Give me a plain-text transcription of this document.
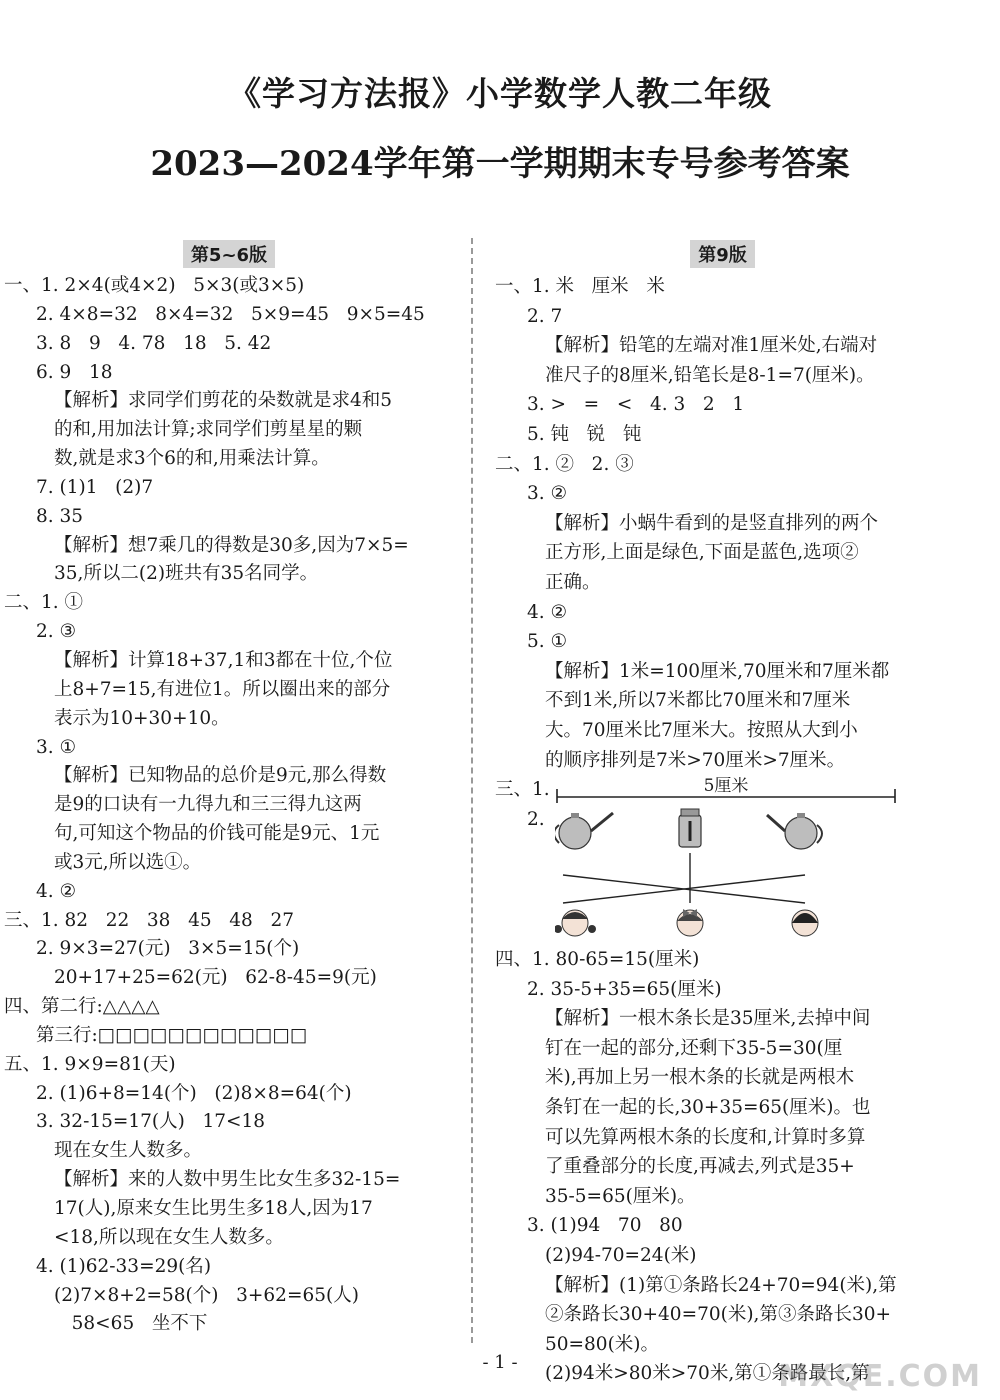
《学习方法报》小学数学人教二年级
2023—2024学年第一学期期末专号参考答案
第5~6版
一、1. 2×4(或4×2)   5×3(或3×5)
2. 4×8=32   8×4=32   5×9=45   9×5=45
3. 8   9   4. 78   18   5. 42
6. 9   18
【解析】求同学们剪花的朵数就是求4和5
的和,用加法计算;求同学们剪星星的颗
数,就是求3个6的和,用乘法计算。
7. (1)1   (2)7
8. 35
【解析】想7乘几的得数是30多,因为7×5=
35,所以二(2)班共有35名同学。
二、1. ①
2. ③
【解析】计算18+37,1和3都在十位,个位
上8+7=15,有进位1。所以圈出来的部分
表示为10+30+10。
3. ①
【解析】已知物品的总价是9元,那么得数
是9的口诀有一九得九和三三得九这两
句,可知这个物品的价钱可能是9元、1元
或3元,所以选①。
4. ②
三、1. 82   22   38   45   48   27
2. 9×3=27(元)   3×5=15(个)
20+17+25=62(元)   62-8-45=9(元)
四、第二行:△△△△
第三行:□□□□□□□□□□□□
五、1. 9×9=81(天)
2. (1)6+8=14(个)   (2)8×8=64(个)
3. 32-15=17(人)   17<18
现在女生人数多。
【解析】来的人数中男生比女生多32-15=
17(人),原来女生比男生多18人,因为17
<18,所以现在女生人数多。
4. (1)62-33=29(名)
(2)7×8+2=58(个)   3+62=65(人)
58<65   坐不下
第9版
一、1. 米   厘米   米
2. 7
【解析】铅笔的左端对准1厘米处,右端对
准尺子的8厘米,铅笔长是8-1=7(厘米)。
3. >   =   <   4. 3   2   1
5. 钝   锐   钝
二、1. ②   2. ③
3. ②
【解析】小蜗牛看到的是竖直排列的两个
正方形,上面是绿色,下面是蓝色,选项②
正确。
4. ②
5. ①
【解析】1米=100厘米,70厘米和7厘米都
不到1米,所以7米都比70厘米和7厘米
大。70厘米比7厘米大。按照从大到小
的顺序排列是7米>70厘米>7厘米。
三、1.	5厘米
2.
四、1. 80-65=15(厘米)
2. 35-5+35=65(厘米)
【解析】一根木条长是35厘米,去掉中间
钉在一起的部分,还剩下35-5=30(厘
米),再加上另一根木条的长就是两根木
条钉在一起的长,30+35=65(厘米)。也
可以先算两根木条的长度和,计算时多算
了重叠部分的长度,再减去,列式是35+
35-5=65(厘米)。
3. (1)94   70   80
(2)94-70=24(米)
【解析】(1)第①条路长24+70=94(米),第
②条路长30+40=70(米),第③条路长30+
50=80(米)。
(2)94米>80米>70米,第①条路最长,第
- 1 -	MXQE.COM
